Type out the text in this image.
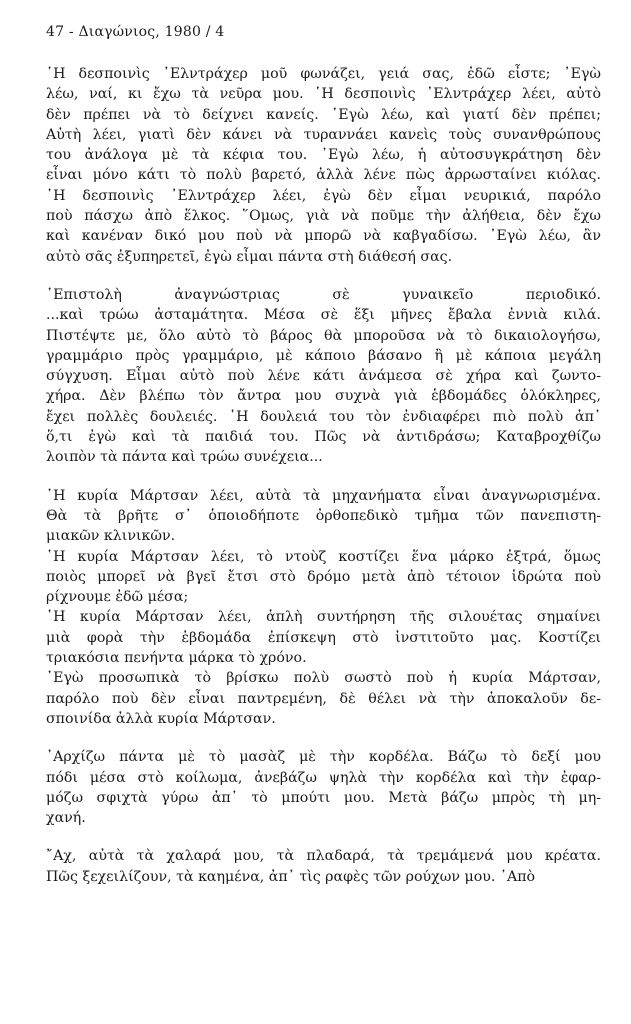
47 - Διαγώνιος, 1980 / 4
῾Η δεσποινὶς ᾿Ελντράχερ μοῦ φωνάζει, γειά σας, ἐδῶ εἶστε; ᾿Εγὼ
λέω, ναί, κι ἔχω τὰ νεῦρα μου. ῾Η δεσποινὶς ᾿Ελντράχερ λέει, αὐτὸ
δὲν πρέπει νὰ τὸ δείχνει κανείς. ᾿Εγὼ λέω, καὶ γιατί δὲν πρέπει;
Αὐτὴ λέει, γιατὶ δὲν κάνει νὰ τυραννάει κανεὶς τοὺς συνανθρώπους
του ἀνάλογα μὲ τὰ κέφια του. ᾿Εγὼ λέω, ἡ αὐτοσυγκράτηση δὲν
εἶναι μόνο κάτι τὸ πολὺ βαρετό, ἀλλὰ λένε πὼς ἀρρωσταίνει κιόλας.
῾Η δεσποινὶς ᾿Ελντράχερ λέει, ἐγὼ δὲν εἶμαι νευρικιά, παρόλο
ποὺ πάσχω ἀπὸ ἕλκος. ῞Ομως, γιὰ νὰ ποῦμε τὴν ἀλήθεια, δὲν ἔχω
καὶ κανέναν δικό μου ποὺ νὰ μπορῶ νὰ καβγαδίσω. ᾿Εγὼ λέω, ἂν
αὐτὸ σᾶς ἐξυπηρετεῖ, ἐγὼ εἶμαι πάντα στὴ διάθεσή σας.
᾿Επιστολὴ ἀναγνώστριας σὲ γυναικεῖο περιοδικό.
...καὶ τρώω ἀσταμάτητα. Μέσα σὲ ἕξι μῆνες ἔβαλα ἐννιὰ κιλά.
Πιστέψτε με, ὅλο αὐτὸ τὸ βάρος θὰ μποροῦσα νὰ τὸ δικαιολογήσω,
γραμμάριο πρὸς γραμμάριο, μὲ κάποιο βάσανο ἢ μὲ κάποια μεγάλη
σύγχυση. Εἶμαι αὐτὸ ποὺ λένε κάτι ἀνάμεσα σὲ χήρα καὶ ζωντο-
χήρα. Δὲν βλέπω τὸν ἄντρα μου συχνὰ γιὰ ἑβδομάδες ὁλόκληρες,
ἔχει πολλὲς δουλειές. ῾Η δουλειά του τὸν ἐνδιαφέρει πιὸ πολὺ ἀπ᾿
ὅ,τι ἐγὼ καὶ τὰ παιδιά του. Πῶς νὰ ἀντιδράσω; Καταβροχθίζω
λοιπὸν τὰ πάντα καὶ τρώω συνέχεια...
῾Η κυρία Μάρτσαν λέει, αὐτὰ τὰ μηχανήματα εἶναι ἀναγνωρισμένα.
Θὰ τὰ βρῆτε σ᾿ ὁποιοδήποτε ὀρθοπεδικὸ τμῆμα τῶν πανεπιστη-
μιακῶν κλινικῶν.
῾Η κυρία Μάρτσαν λέει, τὸ ντοὺζ κοστίζει ἕνα μάρκο ἐξτρά, ὅμως
ποιὸς μπορεῖ νὰ βγεῖ ἔτσι στὸ δρόμο μετὰ ἀπὸ τέτοιον ἱδρώτα ποὺ
ρίχνουμε ἐδῶ μέσα;
῾Η κυρία Μάρτσαν λέει, ἁπλὴ συντήρηση τῆς σιλουέτας σημαίνει
μιὰ φορὰ τὴν ἑβδομάδα ἐπίσκεψη στὸ ἰνστιτοῦτο μας. Κοστίζει
τριακόσια πενήντα μάρκα τὸ χρόνο.
᾿Εγὼ προσωπικὰ τὸ βρίσκω πολὺ σωστὸ ποὺ ἡ κυρία Μάρτσαν,
παρόλο ποὺ δὲν εἶναι παντρεμένη, δὲ θέλει νὰ τὴν ἀποκαλοῦν δε-
σποινίδα ἀλλὰ κυρία Μάρτσαν.
᾿Αρχίζω πάντα μὲ τὸ μασὰζ μὲ τὴν κορδέλα. Βάζω τὸ δεξί μου
πόδι μέσα στὸ κοίλωμα, ἀνεβάζω ψηλὰ τὴν κορδέλα καὶ τὴν ἐφαρ-
μόζω σφιχτὰ γύρω ἀπ᾿ τὸ μπούτι μου. Μετὰ βάζω μπρὸς τὴ μη-
χανή.
῎Αχ, αὐτὰ τὰ χαλαρά μου, τὰ πλαδαρά, τὰ τρεμάμενά μου κρέατα.
Πῶς ξεχειλίζουν, τὰ καημένα, ἀπ᾿ τὶς ραφὲς τῶν ρούχων μου. ᾿Απὸ
